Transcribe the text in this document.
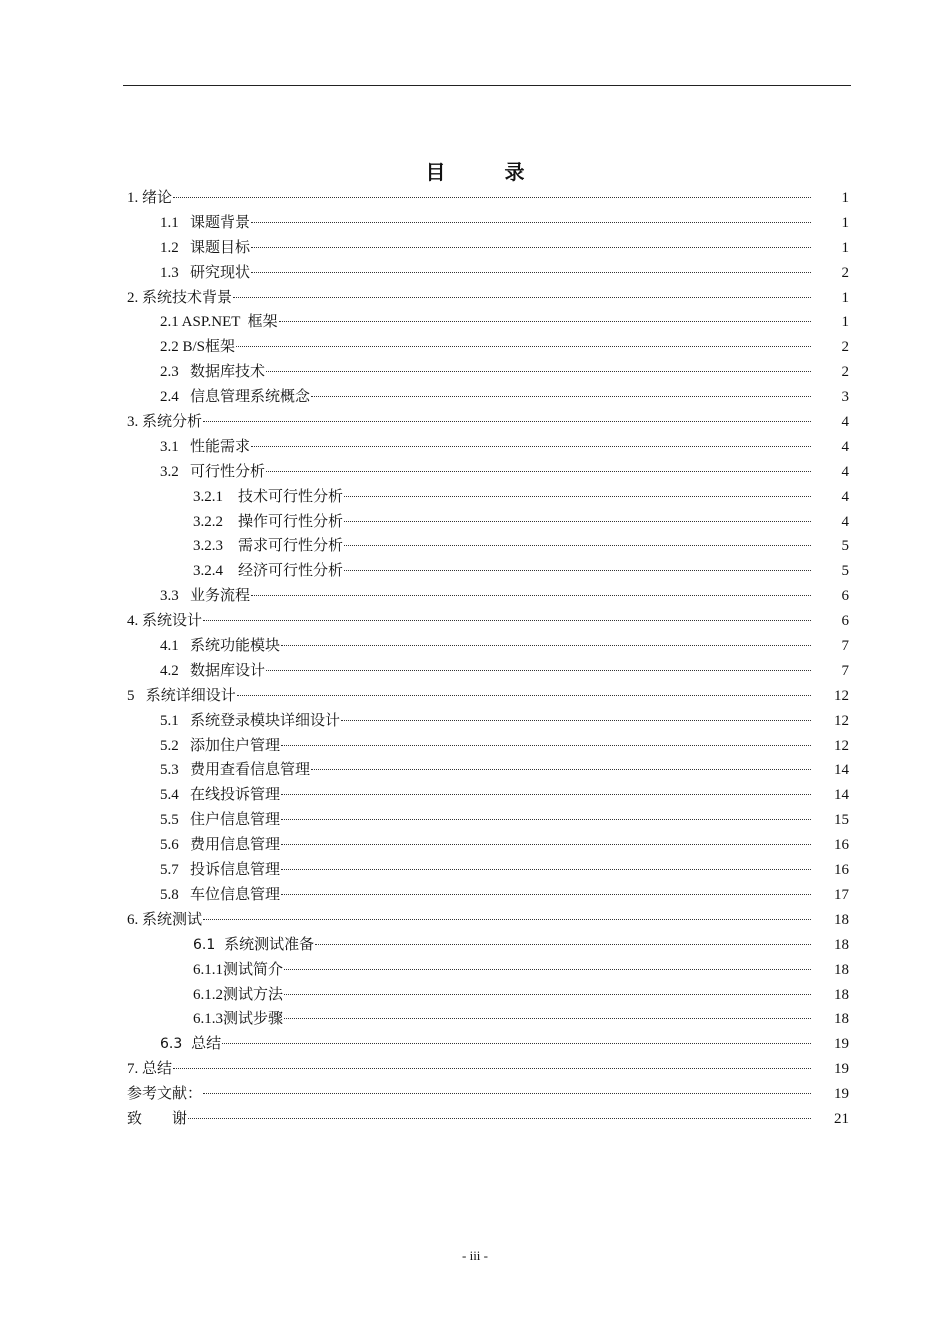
目 录
1. 绪论	1
1.1 课题背景	1
1.2 课题目标	1
1.3 研究现状	2
2. 系统技术背景	1
2.1 ASP.NET 框架	1
2.2 B/S 框架	2
2.3 数据库技术	2
2.4 信息管理系统概念	3
3. 系统分析	4
3.1 性能需求	4
3.2 可行性分析	4
3.2.1 技术可行性分析	4
3.2.2 操作可行性分析	4
3.2.3 需求可行性分析	5
3.2.4 经济可行性分析	5
3.3 业务流程	6
4. 系统设计	6
4.1 系统功能模块	7
4.2 数据库设计	7
5 系统详细设计	12
5.1 系统登录模块详细设计	12
5.2 添加住户管理	12
5.3 费用查看信息管理	14
5.4 在线投诉管理	14
5.5 住户信息管理	15
5.6 费用信息管理	16
5.7 投诉信息管理	16
5.8 车位信息管理	17
6. 系统测试	18
6.1 系统测试准备	18
6.1.1 测试简介	18
6.1.2 测试方法	18
6.1.3 测试步骤	18
6.3 总结	19
7. 总结	19
参考文献：	19
致        谢	21
- iii -
